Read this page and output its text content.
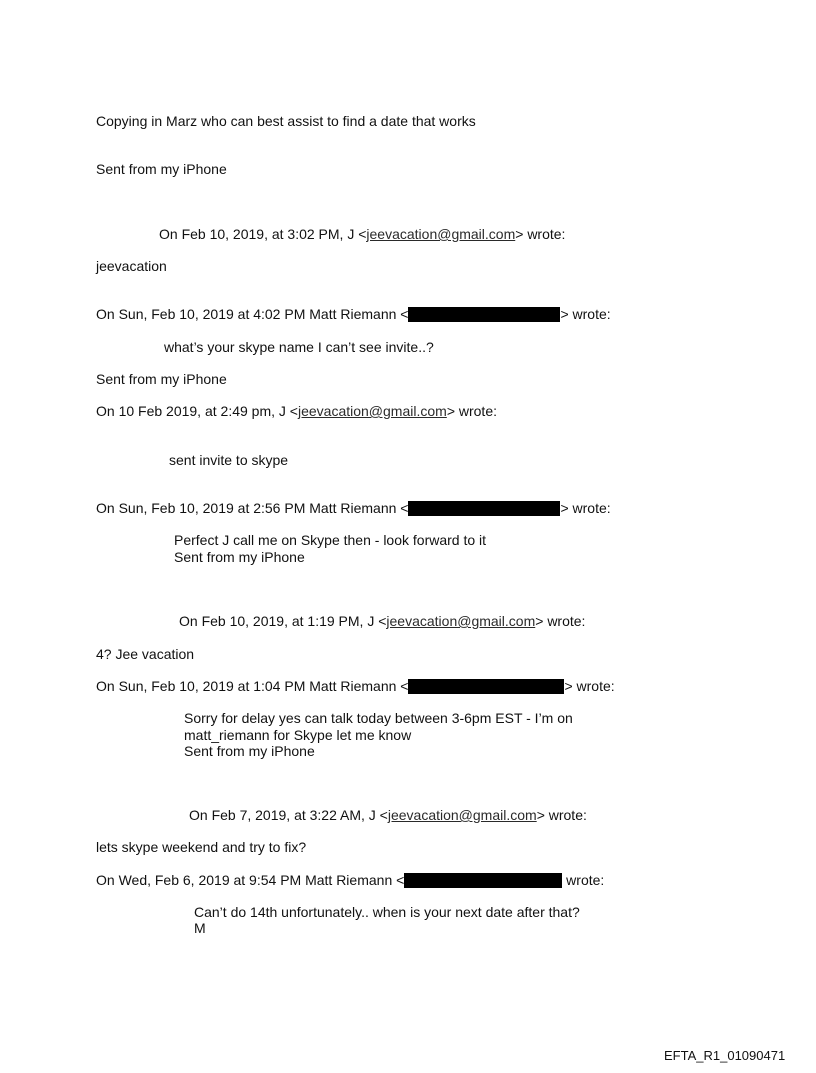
Copying in Marz who can best assist to find a date that works
Sent from my iPhone
On Feb 10, 2019, at 3:02 PM, J <jeevacation@gmail.com> wrote:
jeevacation
On Sun, Feb 10, 2019 at 4:02 PM Matt Riemann <	> wrote:
what’s your skype name I can’t see invite..?
Sent from my iPhone
On 10 Feb 2019, at 2:49 pm, J <jeevacation@gmail.com> wrote:
sent invite to skype
On Sun, Feb 10, 2019 at 2:56 PM Matt Riemann <	> wrote:
Perfect J call me on Skype then - look forward to it
Sent from my iPhone
On Feb 10, 2019, at 1:19 PM, J <jeevacation@gmail.com> wrote:
4? Jee vacation
On Sun, Feb 10, 2019 at 1:04 PM Matt Riemann <	> wrote:
Sorry for delay yes can talk today between 3-6pm EST - I’m on
matt_riemann for Skype let me know
Sent from my iPhone
On Feb 7, 2019, at 3:22 AM, J <jeevacation@gmail.com> wrote:
lets skype weekend and try to fix?
On Wed, Feb 6, 2019 at 9:54 PM Matt Riemann <	wrote:
Can’t do 14th unfortunately.. when is your next date after that?
M
EFTA_R1_01090471
